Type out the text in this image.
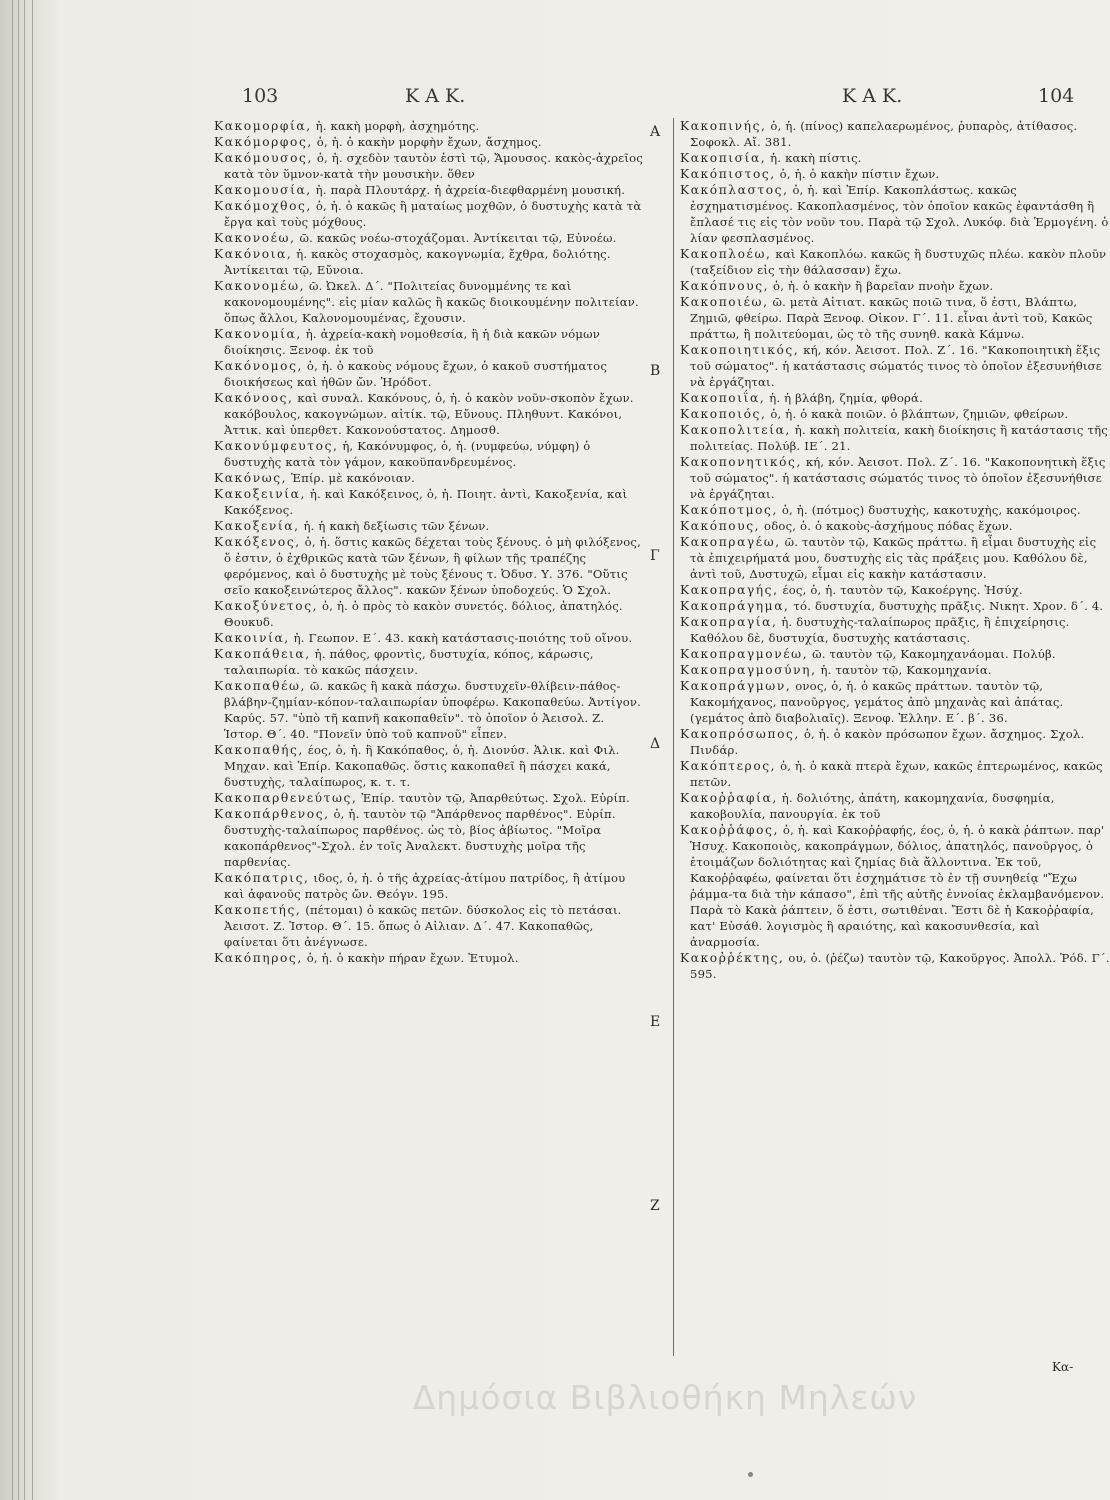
103	Κ Α Κ.	Κ Α Κ.	104

Κακομορφία, ἡ. κακὴ μορφὴ, ἀσχημότης.

Κακόμορφος, ὁ, ἡ. ὁ κακὴν μορφὴν ἔχων, ἄσχημος.

Κακόμουσος, ὁ, ἡ. σχεδὸν ταυτὸν ἐστὶ τῷ, Ἄμουσος. κακὸς-ἀχρεῖος κατὰ τὸν ὕμνον-κατὰ τὴν μουσικὴν. ὅθεν

Κακομουσία, ἡ. παρὰ Πλουτάρχ. ἡ ἀχρεία-διεφθαρμένη μουσική.

Κακόμοχθος, ὁ, ἡ. ὁ κακῶς ἢ ματαίως μοχθῶν, ὁ δυστυχὴς κατὰ τὰ ἔργα καὶ τοὺς μόχθους.

Κακονοέω, ῶ. κακῶς νοέω-στοχάζομαι. Ἀντίκειται τῷ, Εὐνοέω.

Κακόνοια, ἡ. κακὸς στοχασμὸς, κακογνωμία, ἔχθρα, δολιότης. Ἀντίκειται τῷ, Εὔνοια.

Κακονομέω, ῶ. Ὠκελ. Δ΄. "Πολιτείας δυνομμένης τε καὶ κακονομουμένης". εἰς μίαν καλῶς ἢ κακῶς διοικουμένην πολιτείαν. ὅπως ἄλλοι, Καλονομουμένας, ἔχουσιν.

Κακονομία, ἡ. ἀχρεία-κακὴ νομοθεσία, ἢ ἡ διὰ κακῶν νόμων διοίκησις. Ξενοφ. ἐκ τοῦ

Κακόνομος, ὁ, ἡ. ὁ κακοὺς νόμους ἔχων, ὁ κακοῦ συστήματος διοικήσεως καὶ ἠθῶν ὤν. Ἡρόδοτ.

Κακόνοος, καὶ συναλ. Κακόνους, ὁ, ἡ. ὁ κακὸν νοῦν-σκοπὸν ἔχων. κακόβουλος, κακογνώμων. αἰτίκ. τῷ, Εὔνους. Πληθυντ. Κακόνοι, Ἀττικ. καὶ ὑπερθετ. Κακονούστατος. Δημοσθ.

Κακονύμφευτος, ἡ, Κακόνυμφος, ὁ, ἡ. (νυμφεύω, νύμφη) ὁ δυστυχὴς κατὰ τὸν γάμον, κακοϋπανδρευμένος.

Κακόνως, Ἐπίρ. μὲ κακόνοιαν.

Κακοξεινία, ἡ. καὶ Κακόξεινος, ὁ, ἡ. Ποιητ. ἀντὶ, Κακοξενία, καὶ Κακόξενος.

Κακοξενία, ἡ. ἡ κακὴ δεξίωσις τῶν ξένων.

Κακόξενος, ὁ, ἡ. ὅστις κακῶς δέχεται τοὺς ξένους. ὁ μὴ φιλόξενος, ὅ ἐστιν, ὁ ἐχθρικῶς κατὰ τῶν ξένων, ἢ φίλων τῆς τραπέζης φερόμενος, καὶ ὁ δυστυχὴς μὲ τοὺς ξένους τ. Ὀδυσ. Υ. 376. "Οὔτις σεῖο κακοξεινώτερος ἄλλος". κακῶν ξένων ὑποδοχεύς. Ὁ Σχολ.

Κακοξύνετος, ὁ, ἡ. ὁ πρὸς τὸ κακὸν συνετός. δόλιος, ἀπατηλός. Θουκυδ.

Κακοινία, ἡ. Γεωπον. Ε΄. 43. κακὴ κατάστασις-ποιότης τοῦ οἴνου.

Κακοπάθεια, ἡ. πάθος, φροντὶς, δυστυχία, κόπος, κάρωσις, ταλαιπωρία. τὸ κακῶς πάσχειν.

Κακοπαθέω, ῶ. κακῶς ἢ κακὰ πάσχω. δυστυχεῖν-θλίβειν-πάθος-βλάβην-ζημίαν-κόπον-ταλαιπωρίαν ὑποφέρω. Κακοπαθεύω. Ἀντίγον. Καρύς. 57. "ὑπὸ τῆ καπνῆ κακοπαθεῖν". τὸ ὁποῖον ὁ Ἀεισολ. Ζ. Ἱστορ. Θ΄. 40. "Πονεῖν ὑπὸ τοῦ καπνοῦ" εἶπεν.

Κακοπαθής, έος, ὁ, ἡ. ἢ Κακόπαθος, ὁ, ἡ. Διονύσ. Ἁλικ. καὶ Φιλ. Μηχαν. καὶ Ἐπίρ. Κακοπαθῶς. ὅστις κακοπαθεῖ ἢ πάσχει κακά, δυστυχὴς, ταλαίπωρος, κ. τ. τ.

Κακοπαρθενεύτως, Ἐπίρ. ταυτὸν τῷ, Ἀπαρθεύτως. Σχολ. Εὐρίπ.

Κακοπάρθενος, ὁ, ἡ. ταυτὸν τῷ "Ἀπάρθενος παρθένος". Εὐρίπ. δυστυχὴς-ταλαίπωρος παρθένος. ὡς τὸ, βίος ἀβίωτος. "Μοῖρα κακοπάρθενος"-Σχολ. ἐν τοῖς Ἀναλεκτ. δυστυχὴς μοῖρα τῆς παρθενίας.

Κακόπατρις, ιδος, ὁ, ἡ. ὁ τῆς ἀχρείας-ἀτίμου πατρίδος, ἢ ἀτίμου καὶ ἀφανοῦς πατρὸς ὤν. Θεόγν. 195.

Κακοπετής, (πέτομαι) ὁ κακῶς πετῶν. δύσκολος εἰς τὸ πετάσαι. Ἀεισοτ. Ζ. Ἱστορ. Θ΄. 15. ὅπως ὁ Αἰλιαν. Δ΄. 47. Κακοπαθῶς, φαίνεται ὅτι ἀνέγνωσε.

Κακόπηρος, ὁ, ἡ. ὁ κακὴν πήραν ἔχων. Ἐτυμολ.

Α
Β
Γ
Δ
Ε
Ζ

Κακοπινής, ὁ, ἡ. (πίνος) καπελαερωμένος, ῥυπαρὸς, ἀτίθασος. Σοφοκλ. Αἴ. 381.

Κακοπισία, ἡ. κακὴ πίστις.

Κακόπιστος, ὁ, ἡ. ὁ κακὴν πίστιν ἔχων.

Κακόπλαστος, ὁ, ἡ. καὶ Ἐπίρ. Κακοπλάστως. κακῶς ἐσχηματισμένος. Κακοπλασμένος, τὸν ὁποῖον κακῶς ἐφαντάσθη ἢ ἔπλασέ τις εἰς τὸν νοῦν του. Παρὰ τῷ Σχολ. Λυκόφ. διὰ Ἑρμογένη. ὁ λίαν φεσπλασμένος.

Κακοπλοέω, καὶ Κακοπλόω. κακῶς ἢ δυστυχῶς πλέω. κακὸν πλοῦν (ταξείδιον εἰς τὴν θάλασσαν) ἔχω.

Κακόπνους, ὁ, ἡ. ὁ κακὴν ἢ βαρεῖαν πνοὴν ἔχων.

Κακοποιέω, ῶ. μετὰ Αἰτιατ. κακῶς ποιῶ τινα, ὅ ἐστι, Βλάπτω, Ζημιῶ, φθείρω. Παρὰ Ξενοφ. Οἰκον. Γ΄. 11. εἶναι ἀντὶ τοῦ, Κακῶς πράττω, ἢ πολιτεύομαι, ὡς τὸ τῆς συνηθ. κακὰ Κάμνω.

Κακοποιητικός, κή, κόν. Ἀεισοτ. Πολ. Ζ΄. 16. "Κακοποιητικὴ ἕξις τοῦ σώματος". ἡ κατάστασις σώματός τινος τὸ ὁποῖον ἐξεσυνήθισε νὰ ἐργάζηται.

Κακοποιΐα, ἡ. ἡ βλάβη, ζημία, φθορά.

Κακοποιός, ὁ, ἡ. ὁ κακὰ ποιῶν. ὁ βλάπτων, ζημιῶν, φθείρων.

Κακοπολιτεία, ἡ. κακὴ πολιτεία, κακὴ διοίκησις ἢ κατάστασις τῆς πολιτείας. Πολύβ. ΙΕ΄. 21.

Κακοπονητικός, κή, κόν. Ἀεισοτ. Πολ. Ζ΄. 16. "Κακοπονητικὴ ἕξις τοῦ σώματος". ἡ κατάστασις σώματός τινος τὸ ὁποῖον ἐξεσυνήθισε νὰ ἐργάζηται.

Κακόποτμος, ὁ, ἡ. (πότμος) δυστυχὴς, κακοτυχὴς, κακόμοιρος.

Κακόπους, οδος, ὁ. ὁ κακοὺς-ἀσχήμους πόδας ἔχων.

Κακοπραγέω, ῶ. ταυτὸν τῷ, Κακῶς πράττω. ἢ εἶμαι δυστυχὴς εἰς τὰ ἐπιχειρήματά μου, δυστυχὴς εἰς τὰς πράξεις μου. Καθόλου δὲ, ἀντὶ τοῦ, Δυστυχῶ, εἶμαι εἰς κακὴν κατάστασιν.

Κακοπραγής, έος, ὁ, ἡ. ταυτὸν τῷ, Κακοέργης. Ἡσύχ.

Κακοπράγημα, τό. δυστυχία, δυστυχὴς πρᾶξις. Νικητ. Χρον. δ΄. 4.

Κακοπραγία, ἡ. δυστυχὴς-ταλαίπωρος πρᾶξις, ἢ ἐπιχείρησις. Καθόλου δὲ, δυστυχία, δυστυχὴς κατάστασις.

Κακοπραγμονέω, ῶ. ταυτὸν τῷ, Κακομηχανάομαι. Πολύβ.

Κακοπραγμοσύνη, ἡ. ταυτὸν τῷ, Κακομηχανία.

Κακοπράγμων, ονος, ὁ, ἡ. ὁ κακῶς πράττων. ταυτὸν τῷ, Κακομήχανος, πανοῦργος, γεμάτος ἀπὸ μηχανὰς καὶ ἀπάτας. (γεμάτος ἀπὸ διαβολιαῖς). Ξενοφ. Ἑλλην. Ε΄. β΄. 36.

Κακοπρόσωπος, ὁ, ἡ. ὁ κακὸν πρόσωπον ἔχων. ἄσχημος. Σχολ. Πινδάρ.

Κακόπτερος, ὁ, ἡ. ὁ κακὰ πτερὰ ἔχων, κακῶς ἐπτερωμένος, κακῶς πετῶν.

Κακοῤῥαφία, ἡ. δολιότης, ἀπάτη, κακομηχανία, δυσφημία, κακοβουλία, πανουργία. ἐκ τοῦ

Κακοῤῥάφος, ὁ, ἡ. καὶ Κακοῤῥαφής, έος, ὁ, ἡ. ὁ κακὰ ῥάπτων. παρ' Ἡσυχ. Κακοποιὸς, κακοπράγμων, δόλιος, ἀπατηλός, πανοῦργος, ὁ ἑτοιμάζων δολιότητας καὶ ζημίας διὰ ἄλλοντινα. Ἐκ τοῦ, Κακοῤῥαφέω, φαίνεται ὅτι ἐσχημάτισε τὸ ἐν τῇ συνηθείᾳ "Ἔχω ῥάμμα-τα διὰ τὴν κάπασο", ἐπὶ τῆς αὐτῆς ἐννοίας ἐκλαμβανόμενον. Παρὰ τὸ Κακὰ ῥάπτειν, ὅ ἐστι, σωτιθέναι. Ἔστι δὲ ἡ Κακοῤῥαφία, κατ' Εὐσάθ. λογισμὸς ἢ αραιότης, καὶ κακοσυνθεσία, καὶ ἀναρμοσία.

Κακοῤῥέκτης, ου, ὁ. (ῥέζω) ταυτὸν τῷ, Κακοῦργος. Ἀπολλ. Ῥόδ. Γ΄. 595.

Κα-
Δημόσια Βιβλιοθήκη Μηλεών
